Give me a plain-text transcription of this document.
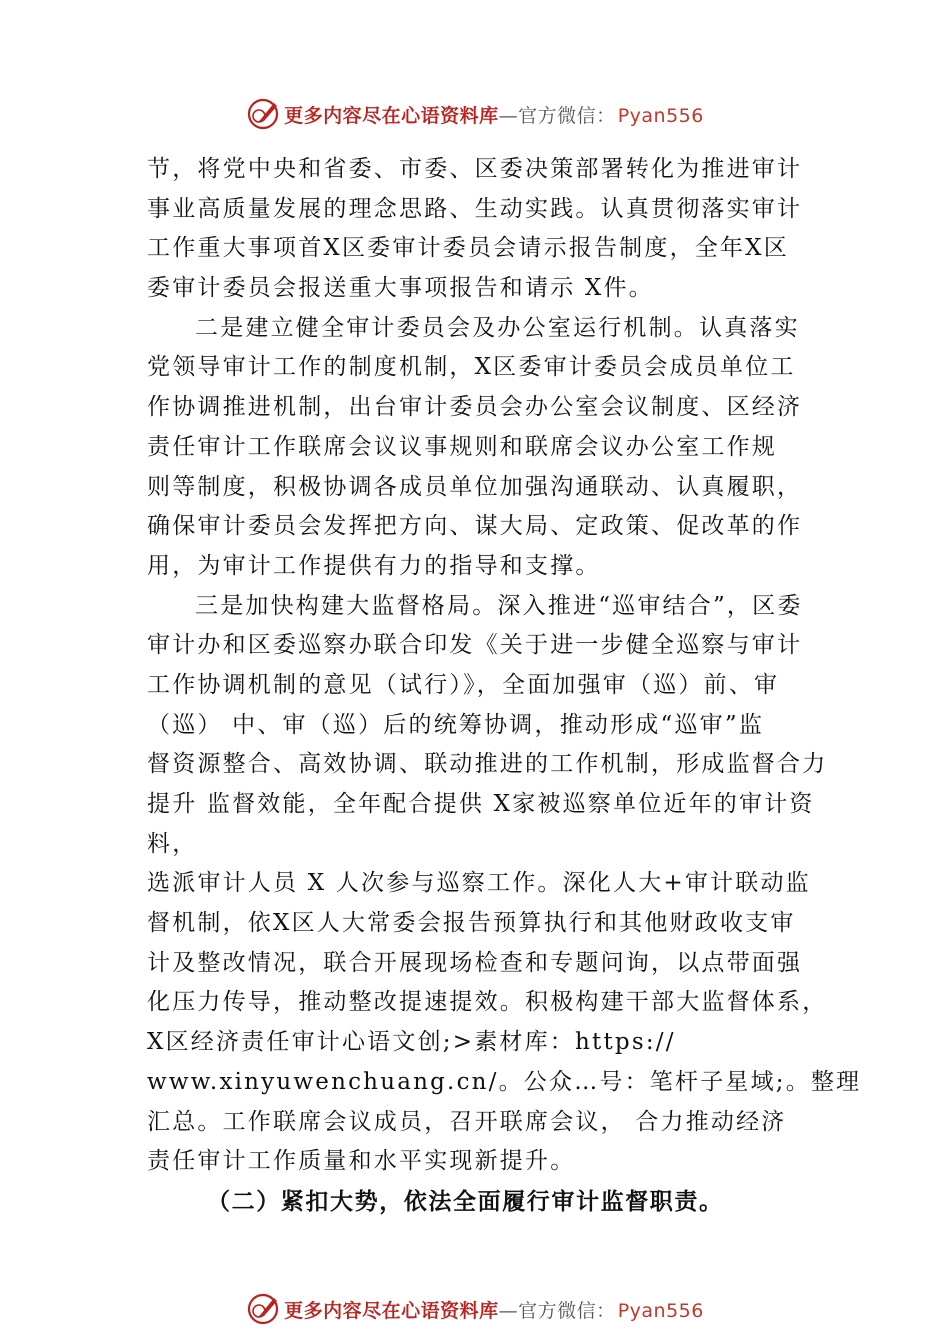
更多内容尽在心语资料库—官方微信： Pyan556
节，将党中央和省委、市委、区委决策部署转化为推进审计
事业高质量发展的理念思路、生动实践。认真贯彻落实审计
工作重大事项首X区委审计委员会请示报告制度，全年X区
委审计委员会报送重大事项报告和请示 X件。
二是建立健全审计委员会及办公室运行机制。认真落实
党领导审计工作的制度机制，X区委审计委员会成员单位工
作协调推进机制，出台审计委员会办公室会议制度、区经济
责任审计工作联席会议议事规则和联席会议办公室工作规
则等制度，积极协调各成员单位加强沟通联动、认真履职，
确保审计委员会发挥把方向、谋大局、定政策、促改革的作
用，为审计工作提供有力的指导和支撑。
三是加快构建大监督格局。深入推进“巡审结合”，区委
审计办和区委巡察办联合印发《关于进一步健全巡察与审计
工作协调机制的意见（试行）》，全面加强审（巡）前、审
（巡） 中、审（巡）后的统筹协调，推动形成“巡审”监
督资源整合、高效协调、联动推进的工作机制，形成监督合力
提升 监督效能，全年配合提供 X家被巡察单位近年的审计资
料，
选派审计人员 X 人次参与巡察工作。深化人大+审计联动监
督机制，依X区人大常委会报告预算执行和其他财政收支审
计及整改情况，联合开展现场检查和专题问询，以点带面强
化压力传导，推动整改提速提效。积极构建干部大监督体系，
X区经济责任审计心语文创;>素材库：https://
www.xinyuwenchuang.cn/。公众…号：笔杆子星域;。整理
汇总。工作联席会议成员，召开联席会议， 合力推动经济
责任审计工作质量和水平实现新提升。
（二）紧扣大势，依法全面履行审计监督职责。
更多内容尽在心语资料库—官方微信： Pyan556
